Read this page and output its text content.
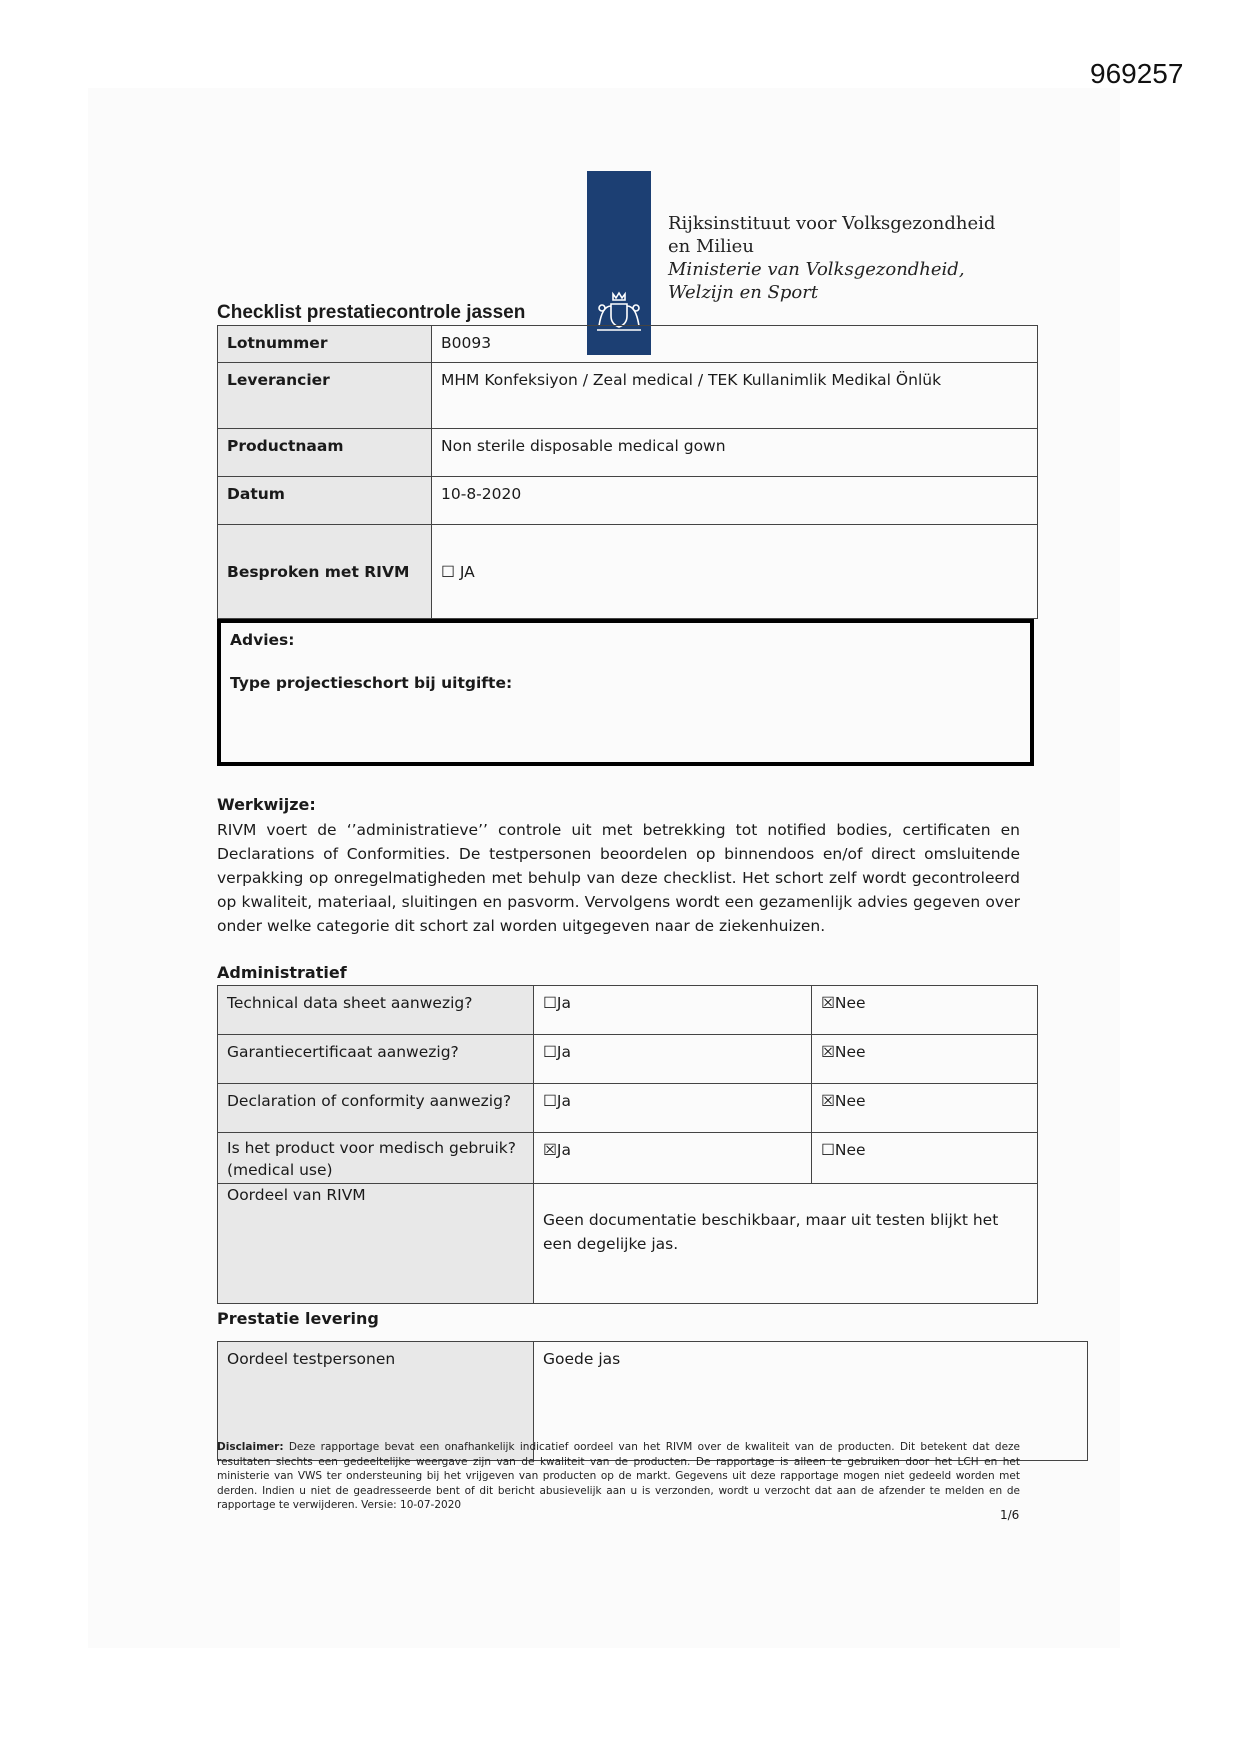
969257
Rijksinstituut voor Volksgezondheid
en Milieu
Ministerie van Volksgezondheid,
Welzijn en Sport
Checklist prestatiecontrole jassen
Lotnummer	B0093
Leverancier	MHM Konfeksiyon / Zeal medical / TEK Kullanimlik Medikal Önlük
Productnaam	Non sterile disposable medical gown
Datum	10-8-2020
Besproken met RIVM	☐ JA
Advies:
Type projectieschort bij uitgifte:
Werkwijze:
RIVM voert de ‘’administratieve’’ controle uit met betrekking tot notified bodies, certificaten en Declarations of Conformities. De testpersonen beoordelen op binnendoos en/of direct omsluitende verpakking op onregelmatigheden met behulp van deze checklist. Het schort zelf wordt gecontroleerd op kwaliteit, materiaal, sluitingen en pasvorm. Vervolgens wordt een gezamenlijk advies gegeven over onder welke categorie dit schort zal worden uitgegeven naar de ziekenhuizen.
Administratief
Technical data sheet aanwezig?	☐Ja	☒Nee
Garantiecertificaat aanwezig?	☐Ja	☒Nee
Declaration of conformity aanwezig?	☐Ja	☒Nee
Is het product voor medisch gebruik? (medical use)	☒Ja	☐Nee
Oordeel van RIVM	Geen documentatie beschikbaar, maar uit testen blijkt het een degelijke jas.	
Prestatie levering
Oordeel testpersonen	Goede jas
Disclaimer: Deze rapportage bevat een onafhankelijk indicatief oordeel van het RIVM over de kwaliteit van de producten. Dit betekent dat deze resultaten slechts een gedeeltelijke weergave zijn van de kwaliteit van de producten. De rapportage is alleen te gebruiken door het LCH en het ministerie van VWS ter ondersteuning bij het vrijgeven van producten op de markt. Gegevens uit deze rapportage mogen niet gedeeld worden met derden. Indien u niet de geadresseerde bent of dit bericht abusievelijk aan u is verzonden, wordt u verzocht dat aan de afzender te melden en de rapportage te verwijderen. Versie: 10-07-2020
1/6
